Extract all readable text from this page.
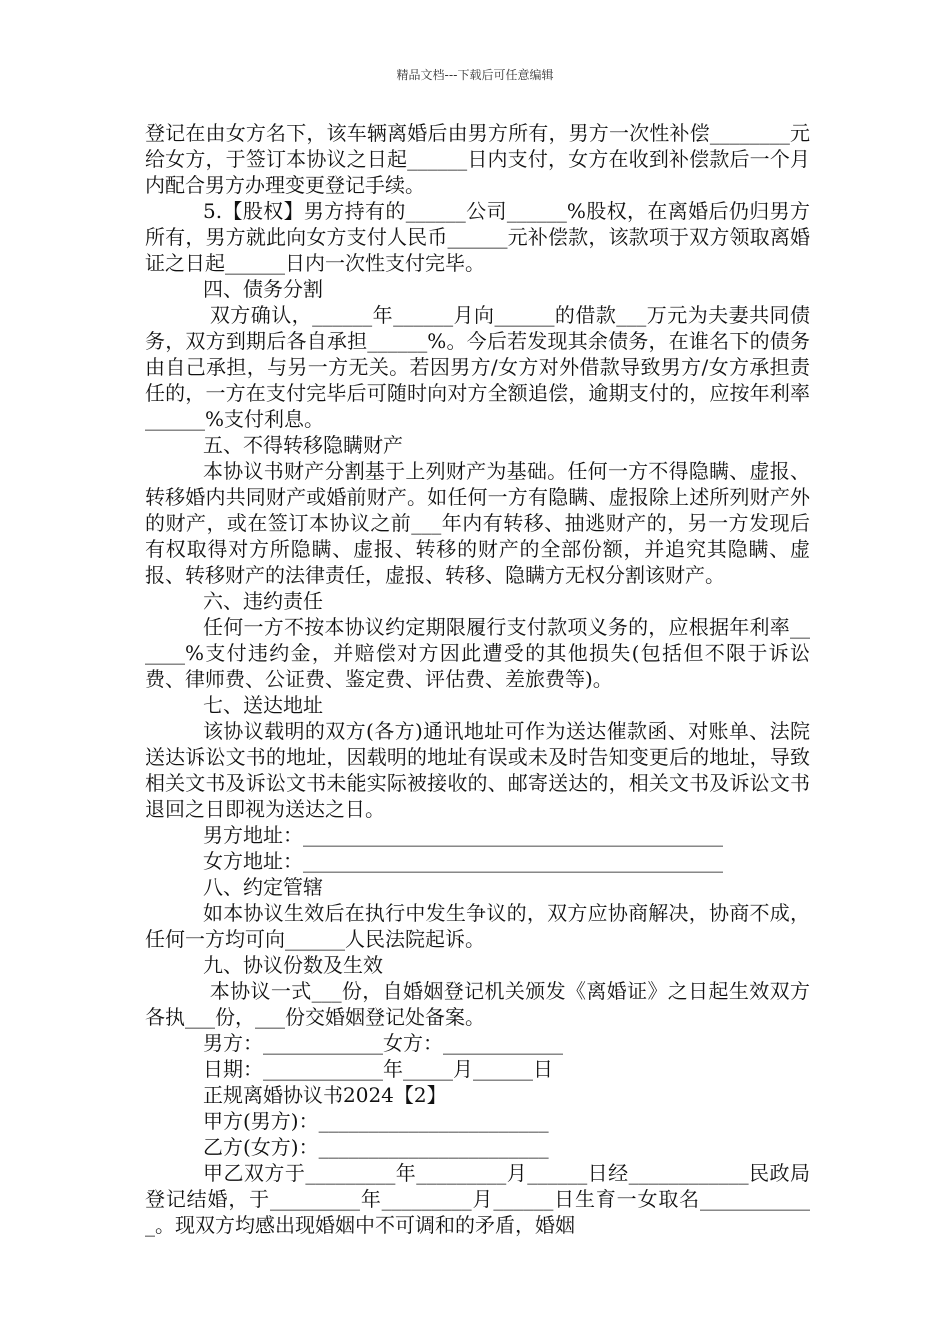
精品文档---下载后可任意编辑

登记在由女方名下，该车辆离婚后由男方所有，男方一次性补偿________元给女方，于签订本协议之日起______日内支付，女方在收到补偿款后一个月内配合男方办理变更登记手续。

5.【股权】男方持有的______公司______%股权，在离婚后仍归男方所有，男方就此向女方支付人民币______元补偿款，该款项于双方领取离婚证之日起______日内一次性支付完毕。

四、债务分割

双方确认，______年______月向______的借款___万元为夫妻共同债务，双方到期后各自承担______%。今后若发现其余债务，在谁名下的债务由自己承担，与另一方无关。若因男方/女方对外借款导致男方/女方承担责任的，一方在支付完毕后可随时向对方全额追偿，逾期支付的，应按年利率______%支付利息。

五、不得转移隐瞒财产

本协议书财产分割基于上列财产为基础。任何一方不得隐瞒、虚报、转移婚内共同财产或婚前财产。如任何一方有隐瞒、虚报除上述所列财产外的财产，或在签订本协议之前___年内有转移、抽逃财产的，另一方发现后有权取得对方所隐瞒、虚报、转移的财产的全部份额，并追究其隐瞒、虚报、转移财产的法律责任，虚报、转移、隐瞒方无权分割该财产。

六、违约责任

任何一方不按本协议约定期限履行支付款项义务的，应根据年利率______%支付违约金，并赔偿对方因此遭受的其他损失(包括但不限于诉讼费、律师费、公证费、鉴定费、评估费、差旅费等)。

七、送达地址

该协议载明的双方(各方)通讯地址可作为送达催款函、对账单、法院送达诉讼文书的地址，因载明的地址有误或未及时告知变更后的地址，导致相关文书及诉讼文书未能实际被接收的、邮寄送达的，相关文书及诉讼文书退回之日即视为送达之日。

男方地址：__________________________________________

女方地址：__________________________________________

八、约定管辖

如本协议生效后在执行中发生争议的，双方应协商解决，协商不成，任何一方均可向______人民法院起诉。

九、协议份数及生效

本协议一式___份，自婚姻登记机关颁发《离婚证》之日起生效双方各执___份，___份交婚姻登记处备案。

男方：____________女方：____________

日期：____________年_____月______日

正规离婚协议书2024【2】

甲方(男方)：_______________________

乙方(女方)：_______________________

甲乙双方于_________年_________月______日经____________民政局登记结婚，于_________年_________月______日生育一女取名____________。现双方均感出现婚姻中不可调和的矛盾，婚姻
